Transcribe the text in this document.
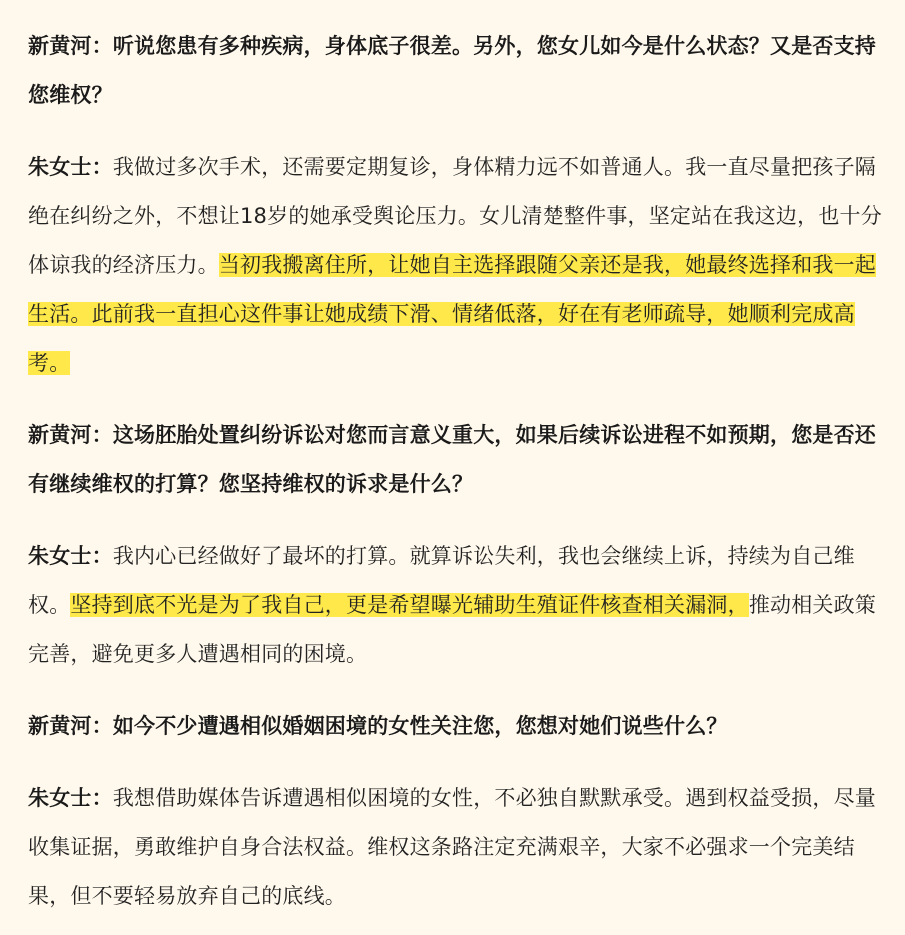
新黄河：听说您患有多种疾病，身体底子很差。另外，您女儿如今是什么状态？又是否支持您维权？

朱女士：我做过多次手术，还需要定期复诊，身体精力远不如普通人。我一直尽量把孩子隔绝在纠纷之外，不想让18岁的她承受舆论压力。女儿清楚整件事，坚定站在我这边，也十分体谅我的经济压力。当初我搬离住所，让她自主选择跟随父亲还是我，她最终选择和我一起生活。此前我一直担心这件事让她成绩下滑、情绪低落，好在有老师疏导，她顺利完成高考。

新黄河：这场胚胎处置纠纷诉讼对您而言意义重大，如果后续诉讼进程不如预期，您是否还有继续维权的打算？您坚持维权的诉求是什么？

朱女士：我内心已经做好了最坏的打算。就算诉讼失利，我也会继续上诉，持续为自己维权。坚持到底不光是为了我自己，更是希望曝光辅助生殖证件核查相关漏洞，推动相关政策完善，避免更多人遭遇相同的困境。

新黄河：如今不少遭遇相似婚姻困境的女性关注您，您想对她们说些什么？

朱女士：我想借助媒体告诉遭遇相似困境的女性，不必独自默默承受。遇到权益受损，尽量收集证据，勇敢维护自身合法权益。维权这条路注定充满艰辛，大家不必强求一个完美结果，但不要轻易放弃自己的底线。
